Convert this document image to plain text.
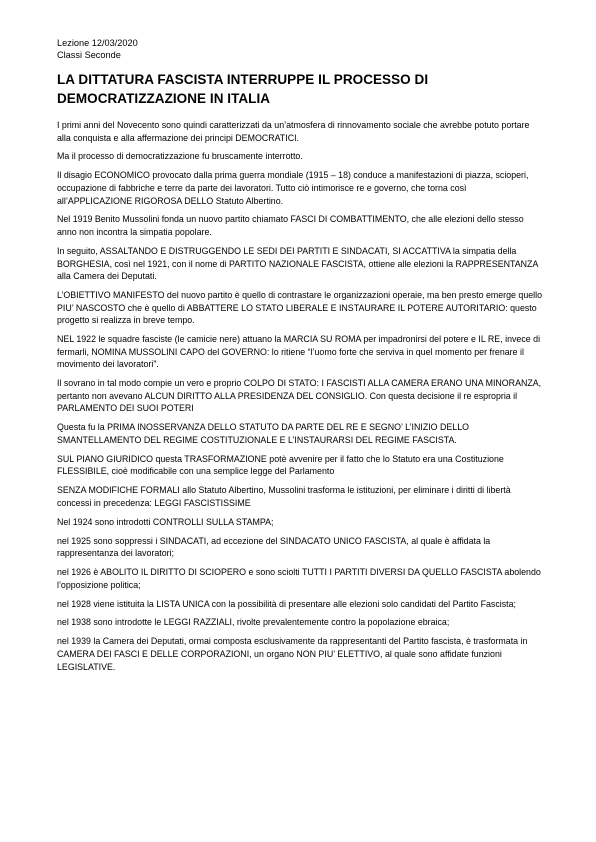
Lezione 12/03/2020

Classi Seconde

LA DITTATURA FASCISTA INTERRUPPE IL PROCESSO DI
DEMOCRATIZZAZIONE IN ITALIA

I primi anni del Novecento sono quindi caratterizzati da un’atmosfera di rinnovamento sociale che avrebbe potuto portare alla conquista e alla affermazione dei principi DEMOCRATICI.

Ma il processo di democratizzazione fu bruscamente interrotto.

Il disagio ECONOMICO provocato dalla prima guerra mondiale (1915 – 18) conduce a manifestazioni di piazza, scioperi, occupazione di fabbriche e terre da parte dei lavoratori. Tutto ciò intimorisce re e governo, che torna così all’APPLICAZIONE RIGOROSA DELLO Statuto Albertino.

Nel 1919 Benito Mussolini fonda un nuovo partito chiamato FASCI DI COMBATTIMENTO, che alle elezioni dello stesso anno non incontra la simpatia popolare.

In seguito, ASSALTANDO E DISTRUGGENDO LE SEDI DEI PARTITI E SINDACATI, SI ACCATTIVA la simpatia della BORGHESIA, così nel 1921, con il nome di PARTITO NAZIONALE FASCISTA, ottiene alle elezioni la RAPPRESENTANZA alla Camera dei Deputati.

L’OBIETTIVO MANIFESTO del nuovo partito è quello di contrastare le organizzazioni operaie, ma ben presto emerge quello PIU’ NASCOSTO che è quello di ABBATTERE LO STATO LIBERALE E INSTAURARE IL POTERE AUTORITARIO: questo progetto si realizza in breve tempo.

NEL 1922 le squadre fasciste (le camicie nere) attuano la MARCIA SU ROMA per impadronirsi del potere e IL RE, invece di fermarli, NOMINA MUSSOLINI CAPO del GOVERNO: lo ritiene “l’uomo forte che serviva in quel momento per frenare il movimento dei lavoratori”.

Il sovrano in tal modo compie un vero e proprio COLPO DI STATO: I FASCISTI ALLA CAMERA ERANO UNA MINORANZA, pertanto non avevano ALCUN DIRITTO ALLA PRESIDENZA DEL CONSIGLIO. Con questa decisione il re espropria il PARLAMENTO DEI SUOI POTERI

Questa fu la PRIMA INOSSERVANZA DELLO STATUTO DA PARTE DEL RE E SEGNO’ L’INIZIO DELLO SMANTELLAMENTO DEL REGIME COSTITUZIONALE E L’INSTAURARSI DEL REGIME FASCISTA.

SUL PIANO GIURIDICO questa TRASFORMAZIONE potè avvenire per il fatto che lo Statuto era una Costituzione FLESSIBILE, cioè modificabile con una semplice legge del Parlamento

SENZA MODIFICHE FORMALI allo Statuto Albertino, Mussolini trasforma le istituzioni, per eliminare i diritti di libertà concessi in precedenza: LEGGI FASCISTISSIME

Nel 1924 sono introdotti CONTROLLI SULLA STAMPA;

nel 1925 sono soppressi i SINDACATI, ad eccezione del SINDACATO UNICO FASCISTA, al quale è affidata la rappresentanza dei lavoratori;

nel 1926 è ABOLITO IL DIRITTO DI SCIOPERO e sono sciolti TUTTI I PARTITI DIVERSI DA QUELLO FASCISTA abolendo l’opposizione politica;

nel 1928 viene istituita la LISTA UNICA con la possibilità di presentare alle elezioni solo candidati del Partito Fascista;

nel 1938 sono introdotte le LEGGI RAZZIALI, rivolte prevalentemente contro la popolazione ebraica;

nel 1939 la Camera dei Deputati, ormai composta esclusivamente da rappresentanti del Partito fascista, è trasformata in CAMERA DEI FASCI E DELLE CORPORAZIONI, un organo NON PIU’ ELETTIVO, al quale sono affidate funzioni LEGISLATIVE.
